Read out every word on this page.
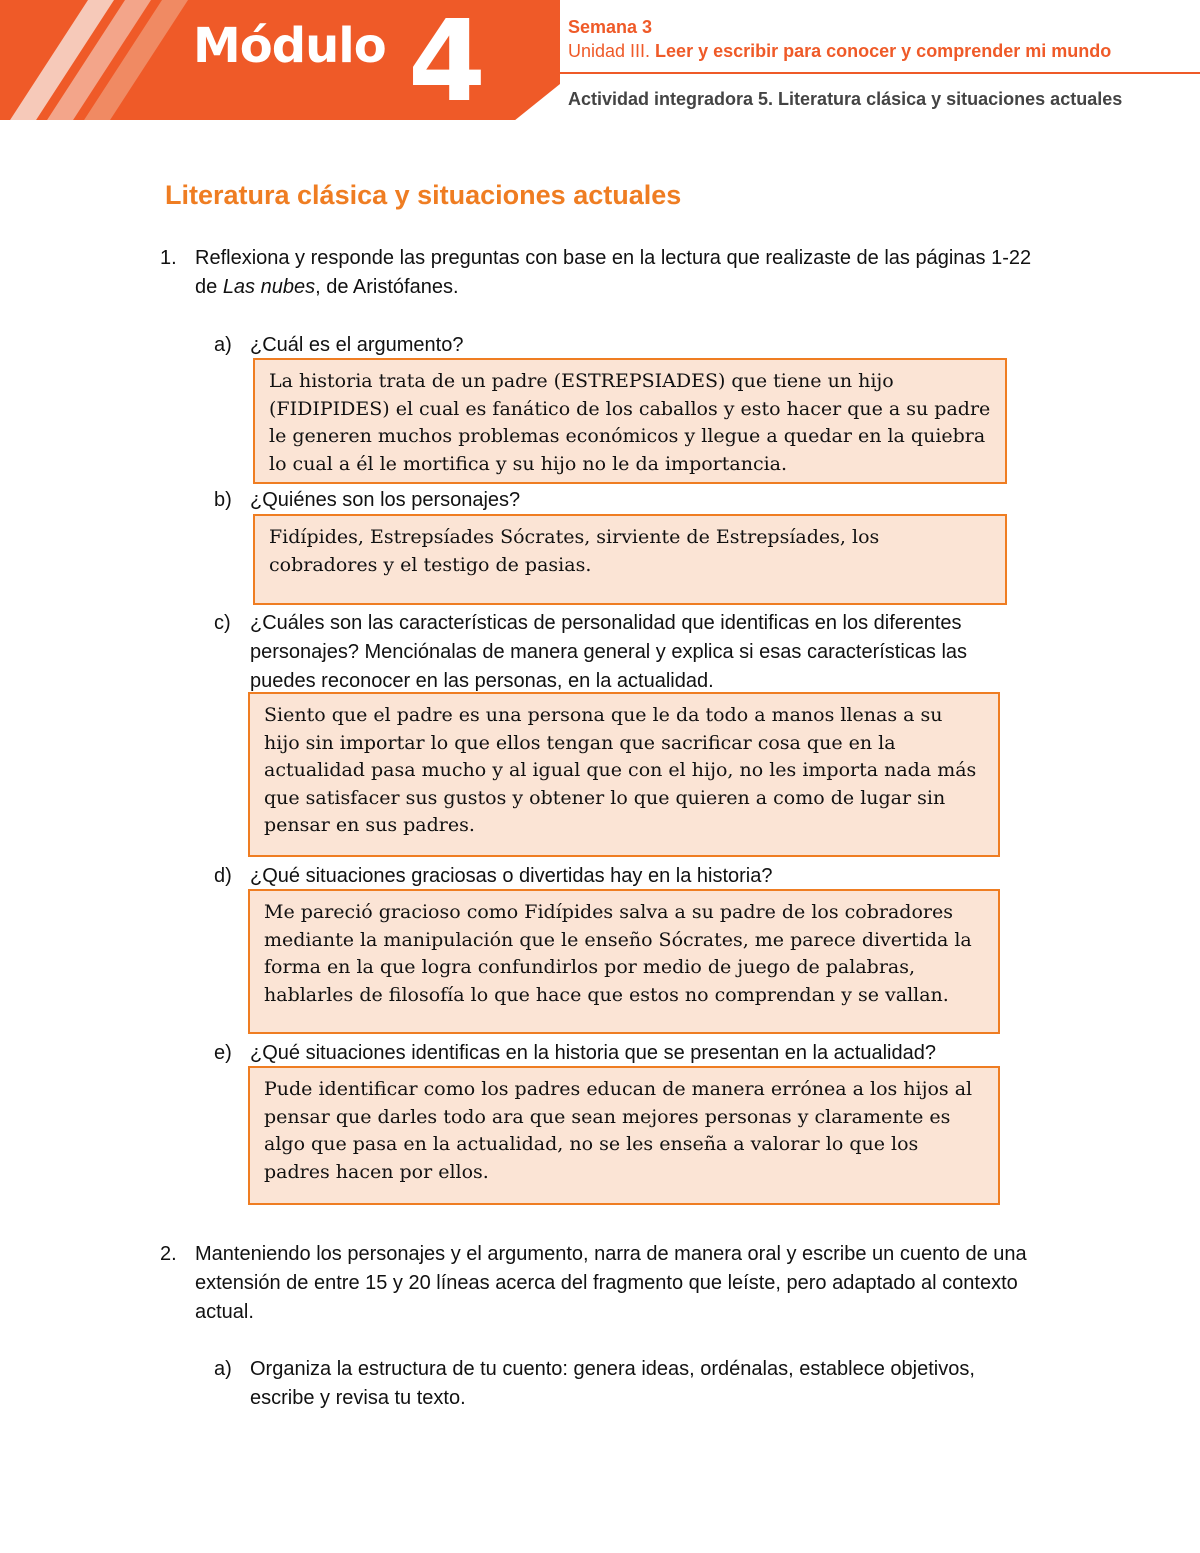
Módulo 4	Semana 3
Unidad III. Leer y escribir para conocer y comprender mi mundo
Actividad integradora 5. Literatura clásica y situaciones actuales
Literatura clásica y situaciones actuales
1. Reflexiona y responde las preguntas con base en la lectura que realizaste de las páginas 1-22 de Las nubes, de Aristófanes.
a) ¿Cuál es el argumento?
La historia trata de un padre (ESTREPSIADES) que tiene un hijo (FIDIPIDES) el cual es fanático de los caballos y esto hacer que a su padre le generen muchos problemas económicos y llegue a quedar en la quiebra lo cual a él le mortifica y su hijo no le da importancia.
b) ¿Quiénes son los personajes?
Fidípides, Estrepsíades Sócrates, sirviente de Estrepsíades, los cobradores y el testigo de pasias.
c) ¿Cuáles son las características de personalidad que identificas en los diferentes personajes? Menciónalas de manera general y explica si esas características las puedes reconocer en las personas, en la actualidad.
Siento que el padre es una persona que le da todo a manos llenas a su hijo sin importar lo que ellos tengan que sacrificar cosa que en la actualidad pasa mucho y al igual que con el hijo, no les importa nada más que satisfacer sus gustos y obtener lo que quieren a como de lugar sin pensar en sus padres.
d) ¿Qué situaciones graciosas o divertidas hay en la historia?
Me pareció gracioso como Fidípides salva a su padre de los cobradores mediante la manipulación que le enseño Sócrates, me parece divertida la forma en la que logra confundirlos por medio de juego de palabras, hablarles de filosofía lo que hace que estos no comprendan y se vallan.
e) ¿Qué situaciones identificas en la historia que se presentan en la actualidad?
Pude identificar como los padres educan de manera errónea a los hijos al pensar que darles todo ara que sean mejores personas y claramente es algo que pasa en la actualidad, no se les enseña a valorar lo que los padres hacen por ellos.
2. Manteniendo los personajes y el argumento, narra de manera oral y escribe un cuento de una extensión de entre 15 y 20 líneas acerca del fragmento que leíste, pero adaptado al contexto actual.
a) Organiza la estructura de tu cuento: genera ideas, ordénalas, establece objetivos, escribe y revisa tu texto.
